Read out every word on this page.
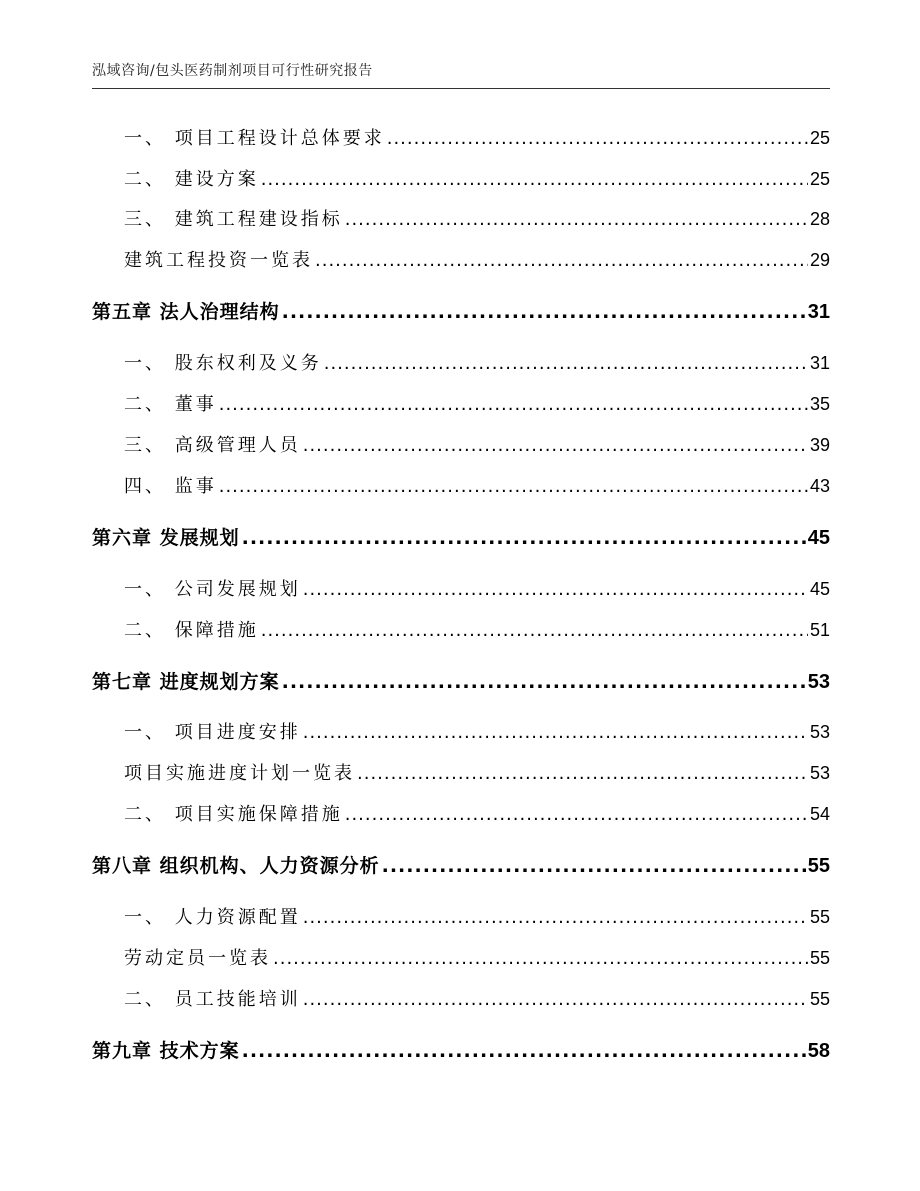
泓域咨询/包头医药制剂项目可行性研究报告
一、 项目工程设计总体要求 .....	25
二、 建设方案 .....	25
三、 建筑工程建设指标 .....	28
建筑工程投资一览表 .....	29
第五章 法人治理结构 .....	31
一、 股东权利及义务 .....	31
二、 董事 .....	35
三、 高级管理人员 .....	39
四、 监事 .....	43
第六章 发展规划 .....	45
一、 公司发展规划 .....	45
二、 保障措施 .....	51
第七章 进度规划方案 .....	53
一、 项目进度安排 .....	53
项目实施进度计划一览表 .....	53
二、 项目实施保障措施 .....	54
第八章 组织机构、人力资源分析 .....	55
一、 人力资源配置 .....	55
劳动定员一览表 .....	55
二、 员工技能培训 .....	55
第九章 技术方案 .....	58
